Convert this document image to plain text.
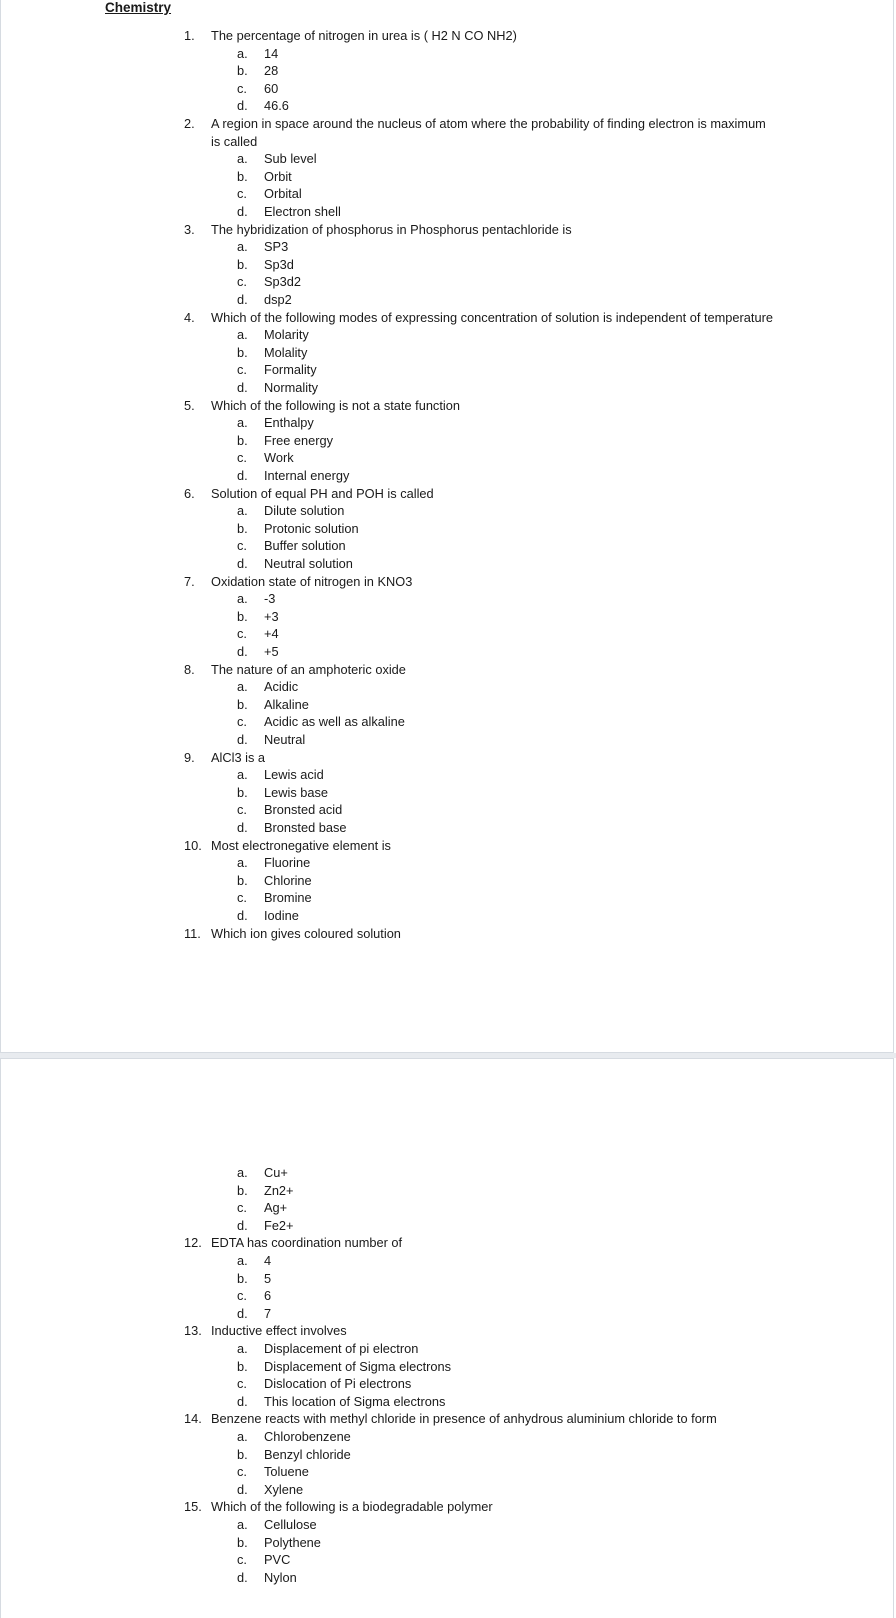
Chemistry
1. The percentage of nitrogen in urea is ( H2 N CO NH2)
a. 14
b. 28
c. 60
d. 46.6
2. A region in space around the nucleus of atom where the probability of finding electron is maximum
is called
a. Sub level
b. Orbit
c. Orbital
d. Electron shell
3. The hybridization of phosphorus in Phosphorus pentachloride is
a. SP3
b. Sp3d
c. Sp3d2
d. dsp2
4. Which of the following modes of expressing concentration of solution is independent of temperature
a. Molarity
b. Molality
c. Formality
d. Normality
5. Which of the following is not a state function
a. Enthalpy
b. Free energy
c. Work
d. Internal energy
6. Solution of equal PH and POH is called
a. Dilute solution
b. Protonic solution
c. Buffer solution
d. Neutral solution
7. Oxidation state of nitrogen in KNO3
a. -3
b. +3
c. +4
d. +5
8. The nature of an amphoteric oxide
a. Acidic
b. Alkaline
c. Acidic as well as alkaline
d. Neutral
9. AlCl3 is a
a. Lewis acid
b. Lewis base
c. Bronsted acid
d. Bronsted base
10. Most electronegative element is
a. Fluorine
b. Chlorine
c. Bromine
d. Iodine
11. Which ion gives coloured solution
a. Cu+
b. Zn2+
c. Ag+
d. Fe2+
12. EDTA has coordination number of
a. 4
b. 5
c. 6
d. 7
13. Inductive effect involves
a. Displacement of pi electron
b. Displacement of Sigma electrons
c. Dislocation of Pi electrons
d. This location of Sigma electrons
14. Benzene reacts with methyl chloride in presence of anhydrous aluminium chloride to form
a. Chlorobenzene
b. Benzyl chloride
c. Toluene
d. Xylene
15. Which of the following is a biodegradable polymer
a. Cellulose
b. Polythene
c. PVC
d. Nylon
